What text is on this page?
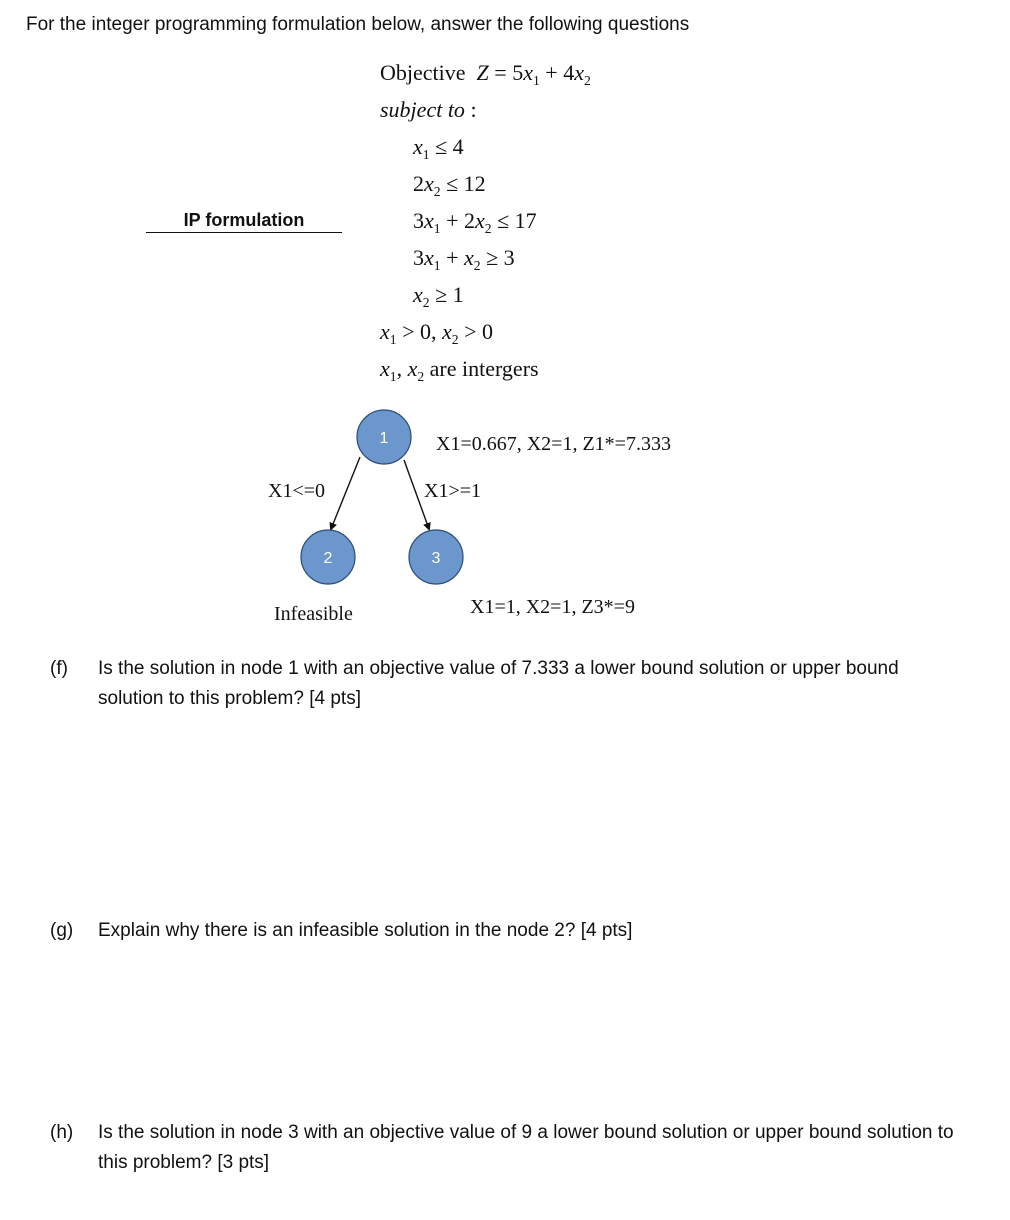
For the integer programming formulation below, answer the following questions
IP formulation
Objective $Z = 5x_1 + 4x_2$
subject to :
$x_1 \le 4$
$2x_2 \le 12$
$3x_1 + 2x_2 \le 17$
$3x_1 + x_2 \ge 3$
$x_2 \ge 1$
$x_1 > 0$, $x_2 > 0$
$x_1$, $x_2$ are intergers
1
2	3
X1=0.667, X2=1, Z1*=7.333
X1<=0	X1>=1
Infeasible	X1=1, X2=1, Z3*=9
(f) Is the solution in node 1 with an objective value of 7.333 a lower bound solution or upper bound solution to this problem? [4 pts]
(g) Explain why there is an infeasible solution in the node 2? [4 pts]
(h) Is the solution in node 3 with an objective value of 9 a lower bound solution or upper bound solution to this problem? [3 pts]
